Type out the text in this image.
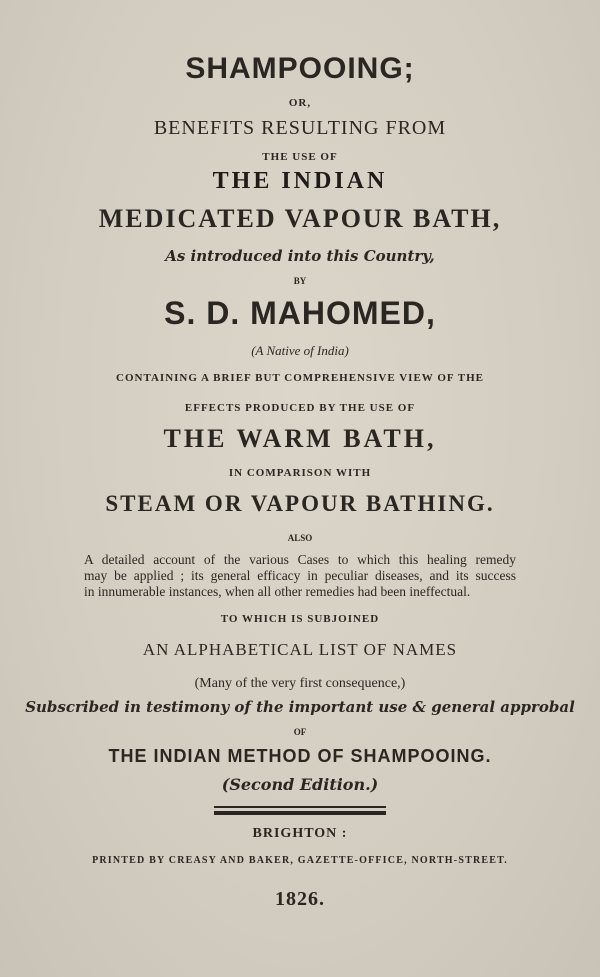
SHAMPOOING;
OR,
BENEFITS RESULTING FROM
THE USE OF
THE INDIAN
MEDICATED VAPOUR BATH,
As introduced into this Country,
BY
S. D. MAHOMED,
(A Native of India)
CONTAINING A BRIEF BUT COMPREHENSIVE VIEW OF THE
EFFECTS PRODUCED BY THE USE OF
THE WARM BATH,
IN COMPARISON WITH
STEAM OR VAPOUR BATHING.
ALSO
A detailed account of the various Cases to which this healing remedy
may be applied ; its general efficacy in peculiar diseases, and its success
in innumerable instances, when all other remedies had been ineffectual.
TO WHICH IS SUBJOINED
AN ALPHABETICAL LIST OF NAMES
(Many of the very first consequence,)
Subscribed in testimony of the important use & general approbal
OF
THE INDIAN METHOD OF SHAMPOOING.
(Second Edition.)
BRIGHTON :
PRINTED BY CREASY AND BAKER, GAZETTE-OFFICE, NORTH-STREET.
1826.
